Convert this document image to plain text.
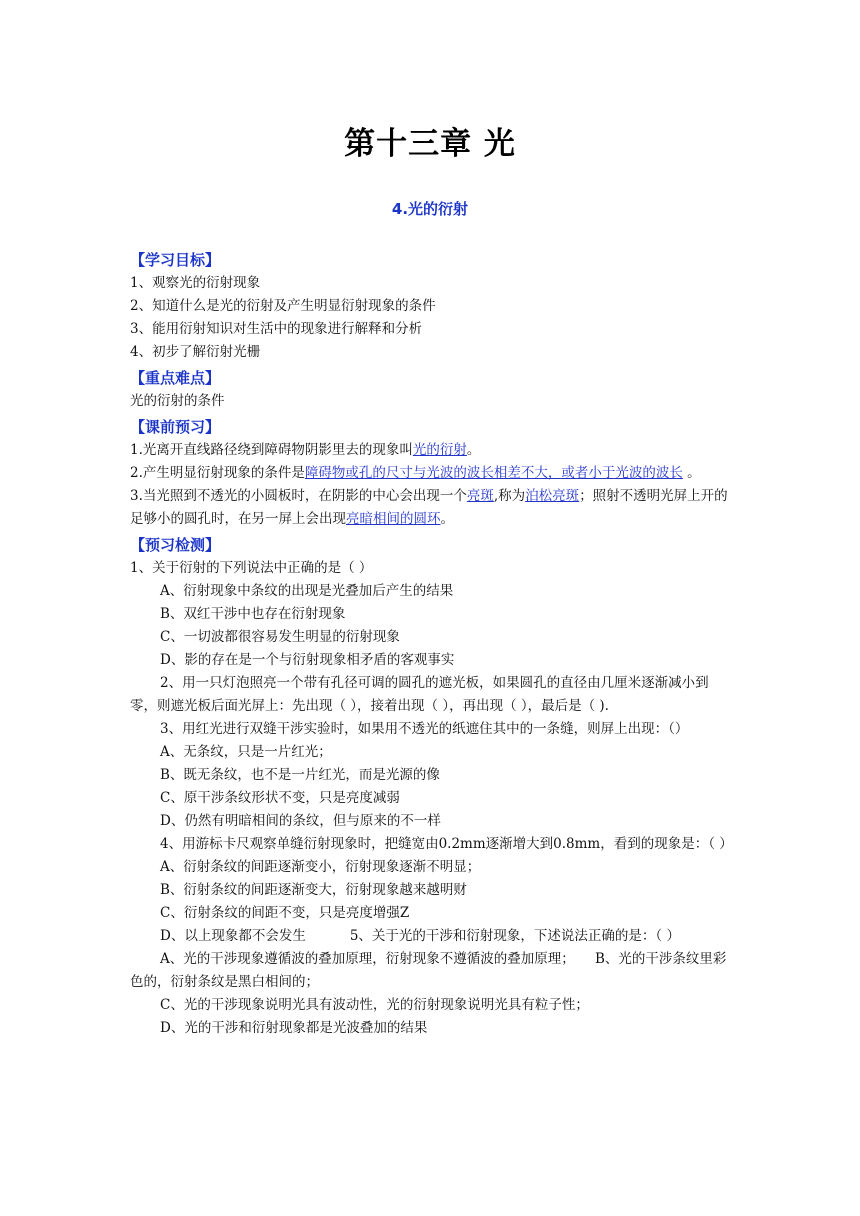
第十三章 光
4.光的衍射
【学习目标】

1、观察光的衍射现象

2、知道什么是光的衍射及产生明显衍射现象的条件

3、能用衍射知识对生活中的现象进行解释和分析

4、初步了解衍射光栅

【重点难点】

光的衍射的条件

【课前预习】

1.光离开直线路径绕到障碍物阴影里去的现象叫光的衍射。

2.产生明显衍射现象的条件是障碍物或孔的尺寸与光波的波长相差不大，或者小于光波的波长 。

3.当光照到不透光的小圆板时，在阴影的中心会出现一个亮斑,称为泊松亮斑；照射不透明光屏上开的足够小的圆孔时，在另一屏上会出现亮暗相间的圆环。

【预习检测】

1、关于衍射的下列说法中正确的是（ ）

A、衍射现象中条纹的出现是光叠加后产生的结果

B、双红干涉中也存在衍射现象

C、一切波都很容易发生明显的衍射现象

D、影的存在是一个与衍射现象相矛盾的客观事实

2、用一只灯泡照亮一个带有孔径可调的圆孔的遮光板，如果圆孔的直径由几厘米逐渐减小到零，则遮光板后面光屏上：先出现（ ），接着出现（ ），再出现（ ），最后是（ ).

3、用红光进行双缝干涉实验时，如果用不透光的纸遮住其中的一条缝，则屏上出现：（）

A、无条纹，只是一片红光；

B、既无条纹，也不是一片红光，而是光源的像

C、原干涉条纹形状不变，只是亮度减弱

D、仍然有明暗相间的条纹，但与原来的不一样

4、用游标卡尺观察单缝衍射现象时，把缝宽由0.2mm逐渐增大到0.8mm，看到的现象是：（ ）

A、衍射条纹的间距逐渐变小，衍射现象逐渐不明显；

B、衍射条纹的间距逐渐变大，衍射现象越来越明财

C、衍射条纹的间距不变，只是亮度增强Z

D、以上现象都不会发生	5、关于光的干涉和衍射现象，下述说法正确的是：（ ）

A、光的干涉现象遵循波的叠加原理，衍射现象不遵循波的叠加原理；　　B、光的干涉条纹里彩色的，衍射条纹是黑白相间的；

C、光的干涉现象说明光具有波动性，光的衍射现象说明光具有粒子性；

D、光的干涉和衍射现象都是光波叠加的结果
